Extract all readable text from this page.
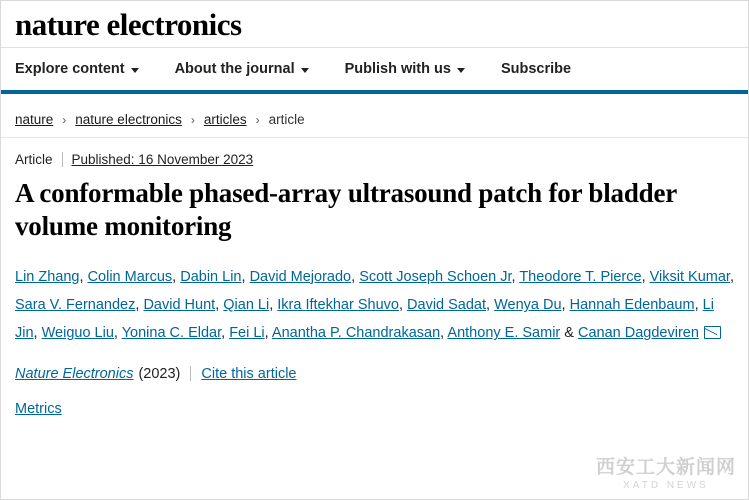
nature electronics
Explore content	About the journal	Publish with us	Subscribe
nature › nature electronics › articles › article
Article Published: 16 November 2023
A conformable phased-array ultrasound patch for bladder volume monitoring
Lin Zhang, Colin Marcus, Dabin Lin, David Mejorado, Scott Joseph Schoen Jr, Theodore T. Pierce, Viksit Kumar, Sara V. Fernandez, David Hunt, Qian Li, Ikra Iftekhar Shuvo, David Sadat, Wenya Du, Hannah Edenbaum, Li Jin, Weiguo Liu, Yonina C. Eldar, Fei Li, Anantha P. Chandrakasan, Anthony E. Samir & Canan Dagdeviren
Nature Electronics (2023) Cite this article
Metrics
西安工大新闻网
XATD NEWS
